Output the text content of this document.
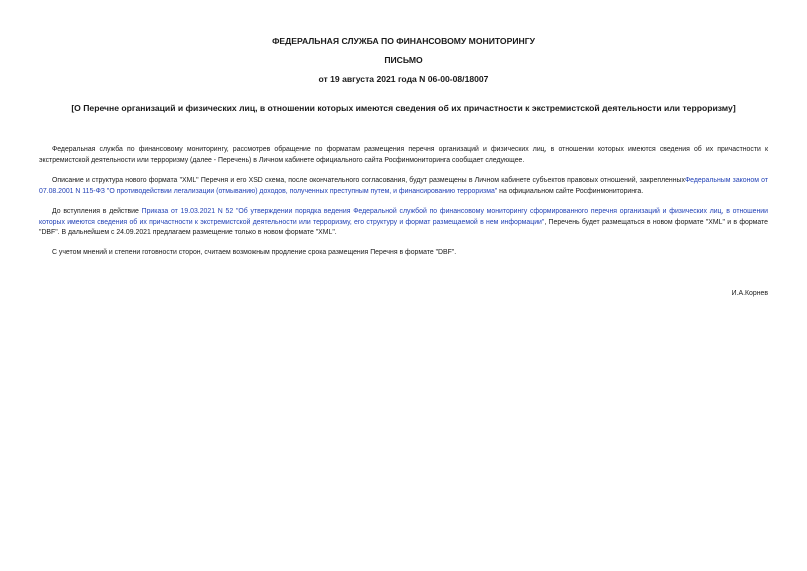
ФЕДЕРАЛЬНАЯ СЛУЖБА ПО ФИНАНСОВОМУ МОНИТОРИНГУ
ПИСЬМО
от 19 августа 2021 года N 06-00-08/18007
[О Перечне организаций и физических лиц, в отношении которых имеются сведения об их причастности к экстремистской деятельности или терроризму]
Федеральная служба по финансовому мониторингу, рассмотрев обращение по форматам размещения перечня организаций и физических лиц, в отношении которых имеются сведения об их причастности к экстремистской деятельности или терроризму (далее - Перечень) в Личном кабинете официального сайта Росфинмониторинга сообщает следующее.
Описание и структура нового формата "XML" Перечня и его XSD схема, после окончательного согласования, будут размещены в Личном кабинете субъектов правовых отношений, закрепленныхФедеральным законом от 07.08.2001 N 115-ФЗ "О противодействии легализации (отмыванию) доходов, полученных преступным путем, и финансированию терроризма" на официальном сайте Росфинмониторинга.
До вступления в действие Приказа от 19.03.2021 N 52 "Об утверждении порядка ведения Федеральной службой по финансовому мониторингу сформированного перечня организаций и физических лиц, в отношении которых имеются сведения об их причастности к экстремистской деятельности или терроризму, его структуру и формат размещаемой в нем информации", Перечень будет размещаться в новом формате "XML" и в формате "DBF". В дальнейшем с 24.09.2021 предлагаем размещение только в новом формате "XML".
С учетом мнений и степени готовности сторон, считаем возможным продление срока размещения Перечня в формате "DBF".
И.А.Корнев
